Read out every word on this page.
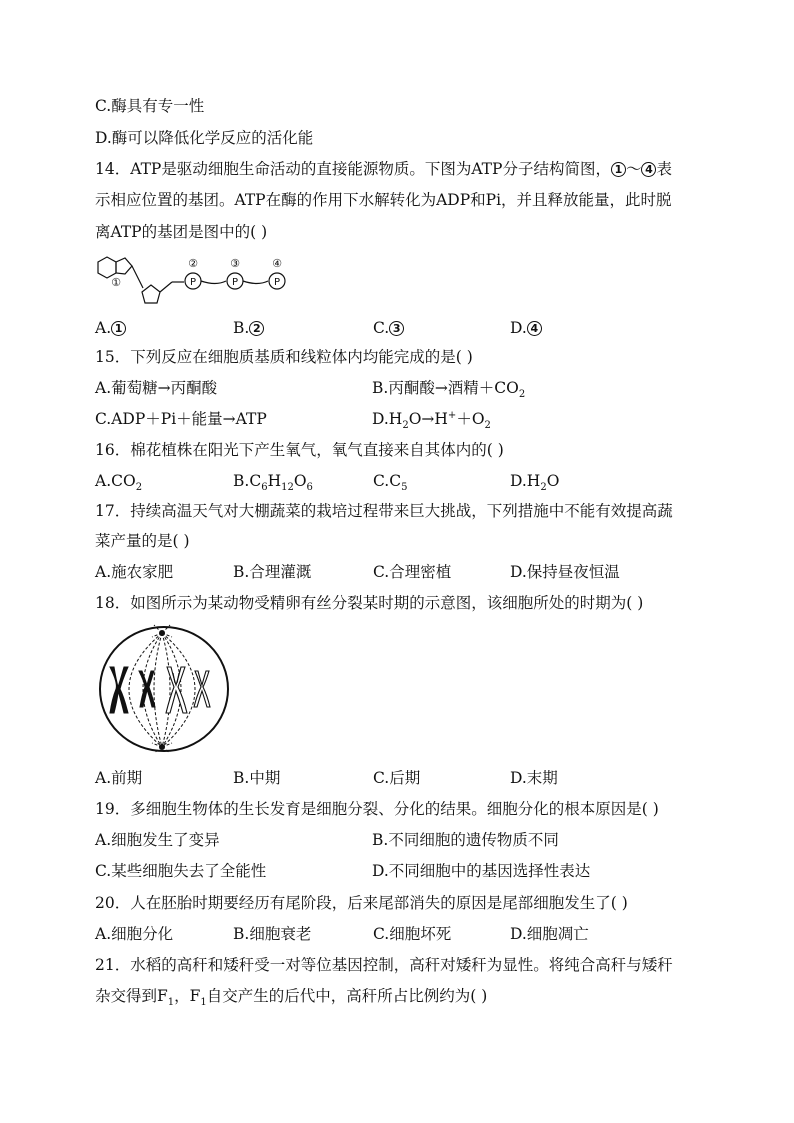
C.酶具有专一性
D.酶可以降低化学反应的活化能
14．ATP是驱动细胞生命活动的直接能源物质。下图为ATP分子结构简图， 1 ～ 4 表
示相应位置的基团。ATP在酶的作用下水解转化为ADP和Pi，并且释放能量，此时脱
离ATP的基团是图中的( )
P	P	P
①
②	③	④
A. 1	B. 2	C. 3	D. 4
15．下列反应在细胞质基质和线粒体内均能完成的是( )
A.葡萄糖→丙酮酸	B.丙酮酸→酒精$+CO_2$
C.ADP＋Pi＋能量→ATP	$D.H_2O\to H^++O_2$
16．棉花植株在阳光下产生氧气，氧气直接来自其体内的( )
$A.CO_2$	$B.C_6H_{12}O_6$	$C.C_5$	$D.H_2O$
17．持续高温天气对大棚蔬菜的栽培过程带来巨大挑战，下列措施中不能有效提高蔬
菜产量的是( )
A.施农家肥	B.合理灌溉	C.合理密植	D.保持昼夜恒温
18．如图所示为某动物受精卵有丝分裂某时期的示意图，该细胞所处的时期为( )
A.前期	B.中期	C.后期	D.末期
19．多细胞生物体的生长发育是细胞分裂、分化的结果。细胞分化的根本原因是( )
A.细胞发生了变异	B.不同细胞的遗传物质不同
C.某些细胞失去了全能性	D.不同细胞中的基因选择性表达
20．人在胚胎时期要经历有尾阶段，后来尾部消失的原因是尾部细胞发生了( )
A.细胞分化	B.细胞衰老	C.细胞坏死	D.细胞凋亡
21．水稻的高秆和矮秆受一对等位基因控制，高秆对矮秆为显性。将纯合高秆与矮秆
杂交得到$F_1$，$F_1$自交产生的后代中，高秆所占比例约为( )
